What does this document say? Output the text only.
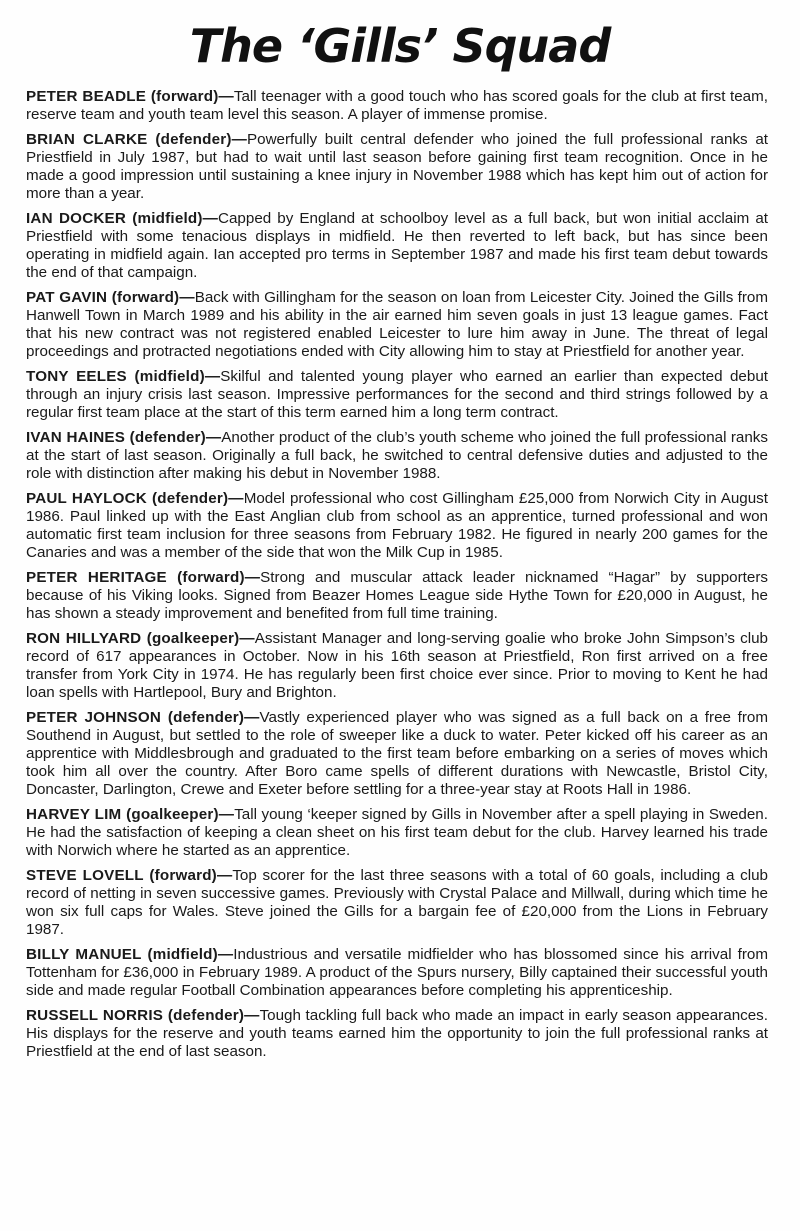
The ‘Gills’ Squad

PETER BEADLE (forward)—Tall teenager with a good touch who has scored goals for the club at first team, reserve team and youth team level this season. A player of immense promise.

BRIAN CLARKE (defender)—Powerfully built central defender who joined the full professional ranks at Priestfield in July 1987, but had to wait until last season before gaining first team recognition. Once in he made a good impression until sustaining a knee injury in November 1988 which has kept him out of action for more than a year.

IAN DOCKER (midfield)—Capped by England at schoolboy level as a full back, but won initial acclaim at Priestfield with some tenacious displays in midfield. He then reverted to left back, but has since been operating in midfield again. Ian accepted pro terms in September 1987 and made his first team debut towards the end of that campaign.

PAT GAVIN (forward)—Back with Gillingham for the season on loan from Leicester City. Joined the Gills from Hanwell Town in March 1989 and his ability in the air earned him seven goals in just 13 league games. Fact that his new contract was not registered enabled Leicester to lure him away in June. The threat of legal proceedings and protracted negotiations ended with City allowing him to stay at Priestfield for another year.

TONY EELES (midfield)—Skilful and talented young player who earned an earlier than expected debut through an injury crisis last season. Impressive performances for the second and third strings followed by a regular first team place at the start of this term earned him a long term contract.

IVAN HAINES (defender)—Another product of the club’s youth scheme who joined the full professional ranks at the start of last season. Originally a full back, he switched to central defensive duties and adjusted to the role with distinction after making his debut in November 1988.

PAUL HAYLOCK (defender)—Model professional who cost Gillingham £25,000 from Norwich City in August 1986. Paul linked up with the East Anglian club from school as an apprentice, turned professional and won automatic first team inclusion for three seasons from February 1982. He figured in nearly 200 games for the Canaries and was a member of the side that won the Milk Cup in 1985.

PETER HERITAGE (forward)—Strong and muscular attack leader nicknamed “Hagar” by supporters because of his Viking looks. Signed from Beazer Homes League side Hythe Town for £20,000 in August, he has shown a steady improvement and benefited from full time training.

RON HILLYARD (goalkeeper)—Assistant Manager and long-serving goalie who broke John Simpson’s club record of 617 appearances in October. Now in his 16th season at Priestfield, Ron first arrived on a free transfer from York City in 1974. He has regularly been first choice ever since. Prior to moving to Kent he had loan spells with Hartlepool, Bury and Brighton.

PETER JOHNSON (defender)—Vastly experienced player who was signed as a full back on a free from Southend in August, but settled to the role of sweeper like a duck to water. Peter kicked off his career as an apprentice with Middlesbrough and graduated to the first team before embarking on a series of moves which took him all over the country. After Boro came spells of different durations with Newcastle, Bristol City, Doncaster, Darlington, Crewe and Exeter before settling for a three-year stay at Roots Hall in 1986.

HARVEY LIM (goalkeeper)—Tall young ‘keeper signed by Gills in November after a spell playing in Sweden. He had the satisfaction of keeping a clean sheet on his first team debut for the club. Harvey learned his trade with Norwich where he started as an apprentice.

STEVE LOVELL (forward)—Top scorer for the last three seasons with a total of 60 goals, including a club record of netting in seven successive games. Previously with Crystal Palace and Millwall, during which time he won six full caps for Wales. Steve joined the Gills for a bargain fee of £20,000 from the Lions in February 1987.

BILLY MANUEL (midfield)—Industrious and versatile midfielder who has blossomed since his arrival from Tottenham for £36,000 in February 1989. A product of the Spurs nursery, Billy captained their successful youth side and made regular Football Combination appearances before completing his apprenticeship.

RUSSELL NORRIS (defender)—Tough tackling full back who made an impact in early season appearances. His displays for the reserve and youth teams earned him the opportunity to join the full professional ranks at Priestfield at the end of last season.
